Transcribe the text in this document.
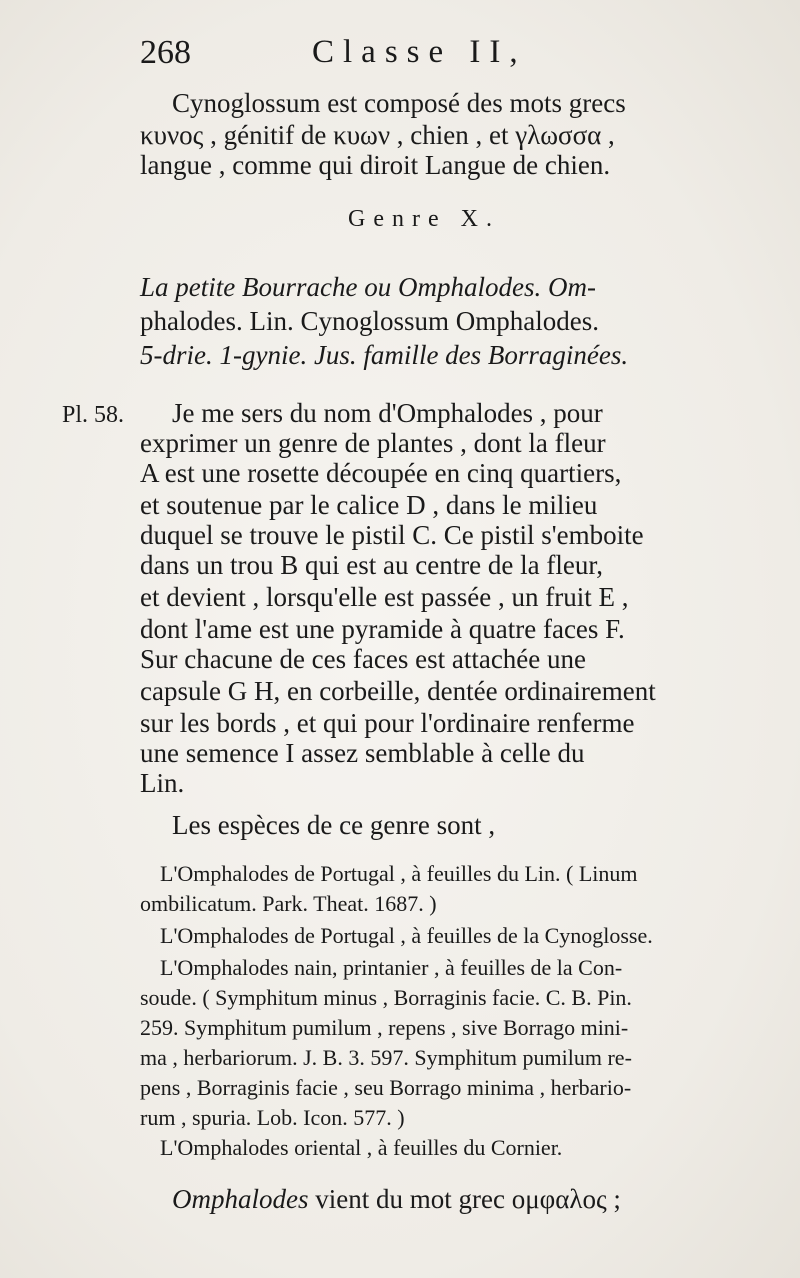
268	Classe II,
Cynoglossum est composé des mots grecs
κυνος , génitif de κυων , chien , et γλωσσα ,
langue , comme qui diroit Langue de chien.
Genre X.
La petite Bourrache ou Omphalodes. Om-
phalodes. Lin. Cynoglossum Omphalodes.
5-drie. 1-gynie. Jus. famille des Borraginées.
Pl. 58. Je me sers du nom d'Omphalodes , pour
exprimer un genre de plantes , dont la fleur
A est une rosette découpée en cinq quartiers,
et soutenue par le calice D , dans le milieu
duquel se trouve le pistil C. Ce pistil s'emboite
dans un trou B qui est au centre de la fleur,
et devient , lorsqu'elle est passée , un fruit E ,
dont l'ame est une pyramide à quatre faces F.
Sur chacune de ces faces est attachée une
capsule G H, en corbeille, dentée ordinairement
sur les bords , et qui pour l'ordinaire renferme
une semence I assez semblable à celle du
Lin.
Les espèces de ce genre sont ,
L'Omphalodes de Portugal , à feuilles du Lin. ( Linum
ombilicatum. Park. Theat. 1687. )
L'Omphalodes de Portugal , à feuilles de la Cynoglosse.
L'Omphalodes nain, printanier , à feuilles de la Con-
soude. ( Symphitum minus , Borraginis facie. C. B. Pin.
259. Symphitum pumilum , repens , sive Borrago mini-
ma , herbariorum. J. B. 3. 597. Symphitum pumilum re-
pens , Borraginis facie , seu Borrago minima , herbario-
rum , spuria. Lob. Icon. 577. )
L'Omphalodes oriental , à feuilles du Cornier.
Omphalodes vient du mot grec ομφαλος ;
